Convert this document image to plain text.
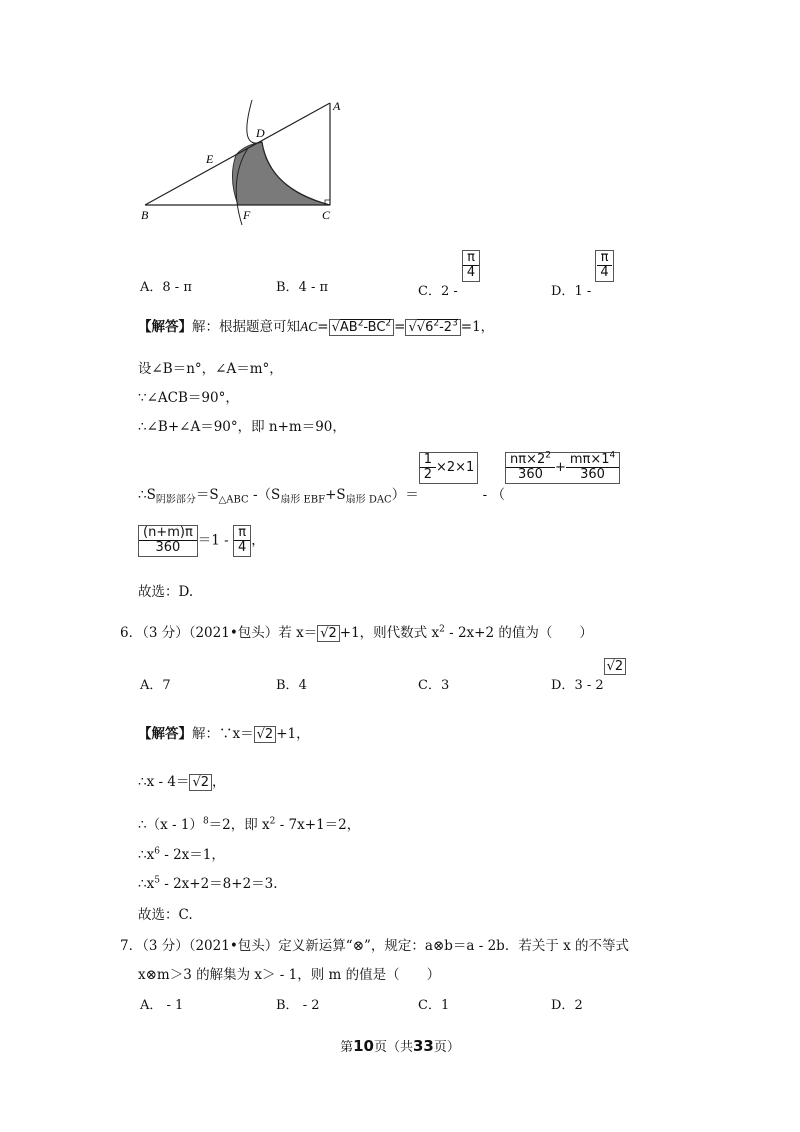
A
B	C
D
E
F
A．8 - π	B．4 - π	C．2 -
$\frac{\pi}{4}$
D．1 -
$\frac{\pi}{4}$
【解答】解：根据题意可知$AC= √AB^2-BC^2 = √√6^2-2^3 =1$，
设∠B＝n°，∠A＝m°，
∵∠ACB＝90°，
∴∠B+∠A＝90°，即 n+m＝90，
$\therefore S_{阴影部分}=S_{\triangle ABC}$ $-(S_{扇形 EBF}+S_{扇形 DAC})=$
$\frac{1}{2} \times 2\times 1$
- （
$\frac{n\pi\times 2^2}{360} + \frac{m\pi\times 1^4}{360}$
$\frac{(n+m)\pi}{360} =1 - \frac{\pi}{4}$ ，
故选：D.
6．（3 分）（2021•包头）若 x＝ √2 +1，则代数式 $x^2 - 2x+2$ 的值为（　　）
A．7	B．4	C．3	D．3 - 2√2
【解答】解：∵x＝ √2 +1，
∴x - 4＝ √2 ，
∴（x - 1）$^8$＝2，即 $x^2 - 7x+1=2$，
$\therefore x^6 - 2x=1$，
$\therefore x^5 - 2x+2=8+2=3$.
故选：C.
7．（3 分）（2021•包头）定义新运算“⊗”，规定：a⊗b＝a - 2b．若关于 x 的不等式
x⊗m＞3 的解集为 x＞ - 1，则 m 的值是（　　）
A． - 1	B． - 2	C．1	D．2
第10页（共33页）
